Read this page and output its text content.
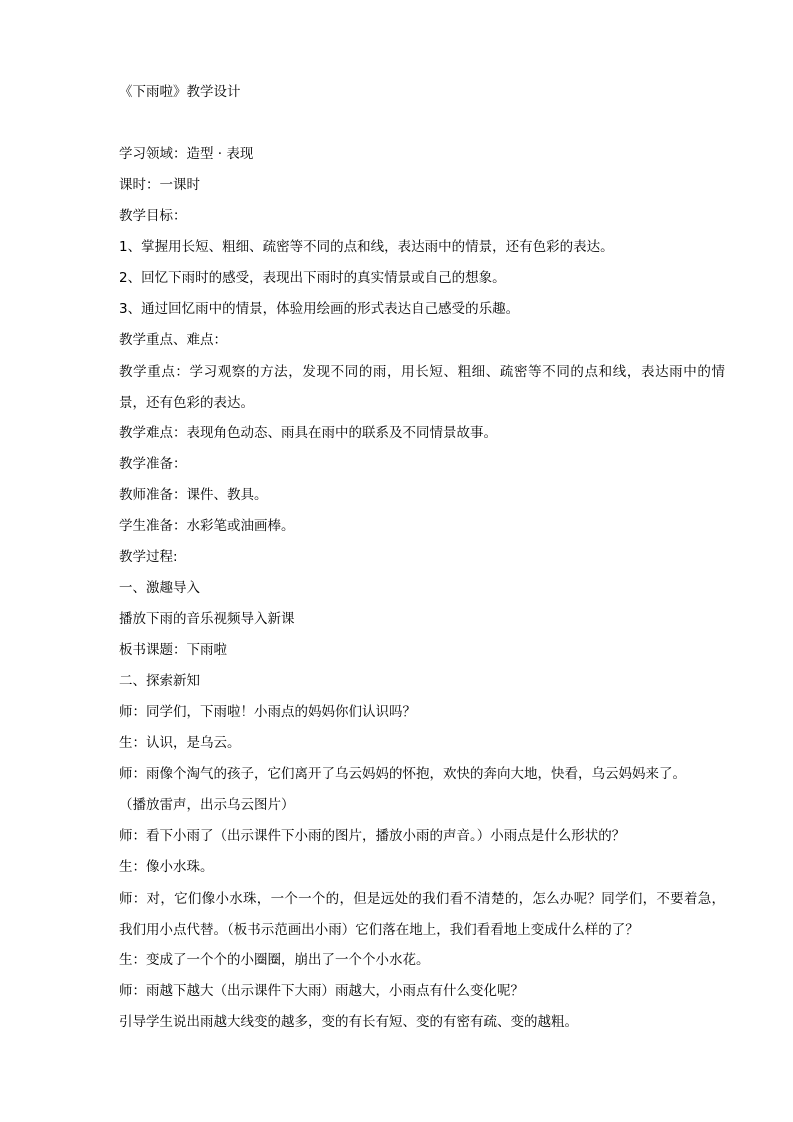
《下雨啦》教学设计

学习领域：造型 · 表现

课时：一课时

教学目标：

1、掌握用长短、粗细、疏密等不同的点和线，表达雨中的情景，还有色彩的表达。

2、回忆下雨时的感受，表现出下雨时的真实情景或自己的想象。

3、通过回忆雨中的情景，体验用绘画的形式表达自己感受的乐趣。

教学重点、难点：

教学重点：学习观察的方法，发现不同的雨，用长短、粗细、疏密等不同的点和线，表达雨中的情景，还有色彩的表达。

教学难点：表现角色动态、雨具在雨中的联系及不同情景故事。

教学准备：

教师准备：课件、教具。

学生准备：水彩笔或油画棒。

教学过程:

一、激趣导入

播放下雨的音乐视频导入新课

板书课题：下雨啦

二、探索新知

师：同学们，下雨啦！小雨点的妈妈你们认识吗？

生：认识，是乌云。

师：雨像个淘气的孩子，它们离开了乌云妈妈的怀抱，欢快的奔向大地，快看，乌云妈妈来了。

（播放雷声，出示乌云图片）

师：看下小雨了（出示课件下小雨的图片，播放小雨的声音。）小雨点是什么形状的？

生：像小水珠。

师：对，它们像小水珠，一个一个的，但是远处的我们看不清楚的，怎么办呢？同学们，不要着急，我们用小点代替。（板书示范画出小雨）它们落在地上，我们看看地上变成什么样的了？

生：变成了一个个的小圈圈，崩出了一个个小水花。

师：雨越下越大（出示课件下大雨）雨越大，小雨点有什么变化呢？

引导学生说出雨越大线变的越多，变的有长有短、变的有密有疏、变的越粗。
